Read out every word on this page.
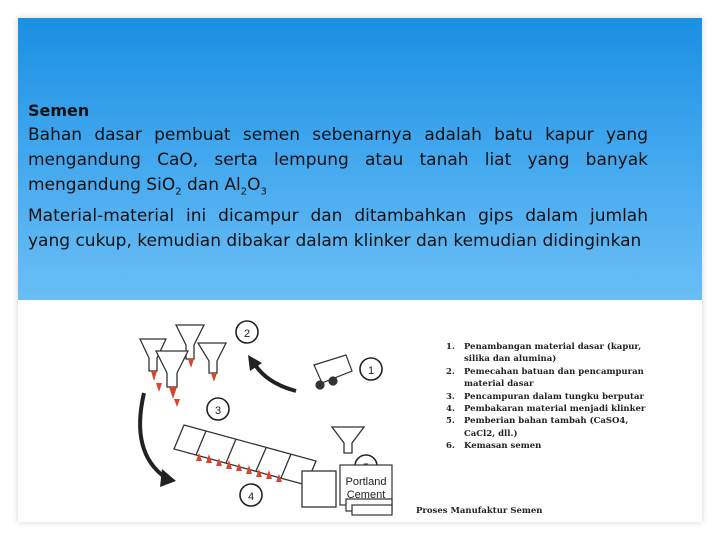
Semen
Bahan dasar pembuat semen sebenarnya adalah batu kapur yang mengandung CaO, serta lempung atau tanah liat yang banyak mengandung SiO$_2$ dan $Al_2O_3$
Material-material ini dicampur dan ditambahkan gips dalam jumlah yang cukup, kemudian dibakar dalam klinker dan kemudian didinginkan
2
1
3
4
Portland
Cement
1.	Penambangan material dasar (kapur, silika dan alumina)
2.	Pemecahan batuan dan pencampuran material dasar
3.	Pencampuran dalam tungku berputar
4.	Pembakaran material menjadi klinker
5.	Pemberian bahan tambah (CaSO4, CaCl2, dll.)
6.	Kemasan semen
Proses Manufaktur Semen
